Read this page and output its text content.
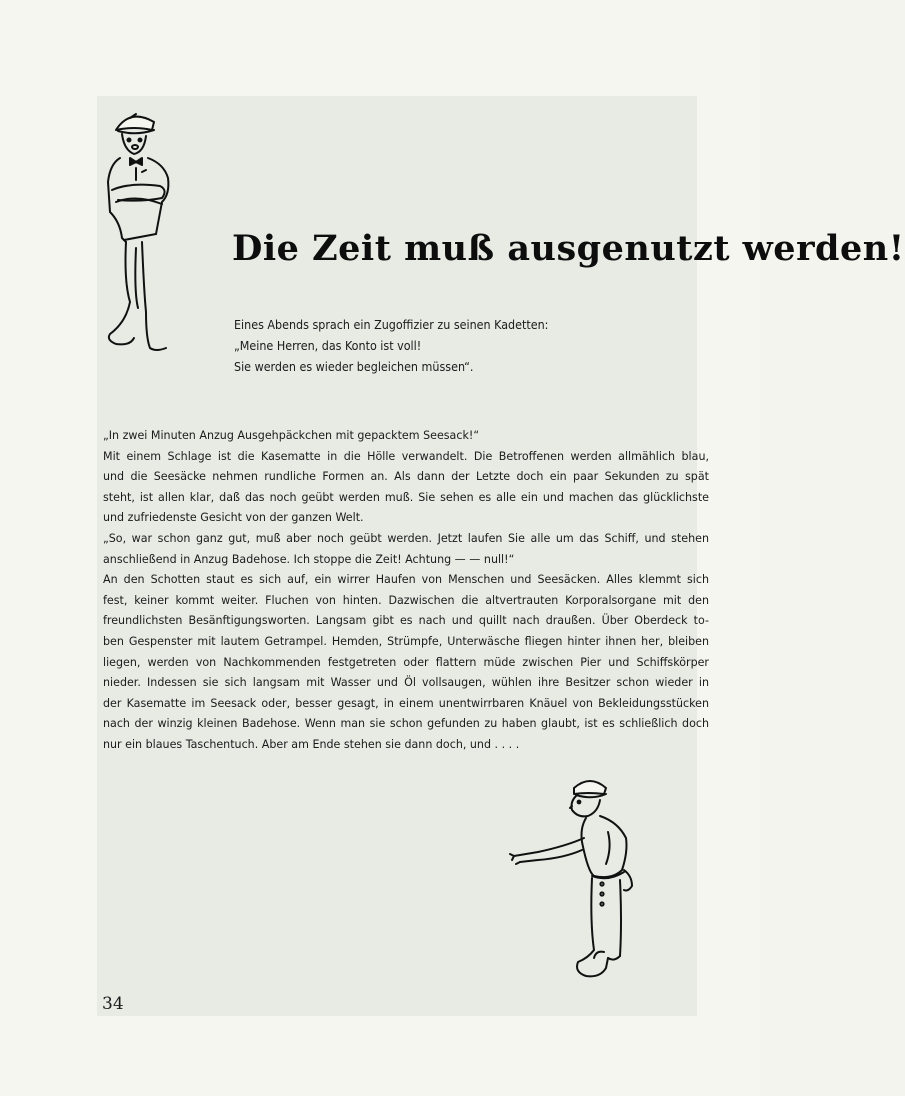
Die Zeit muß ausgenutzt werden!
Eines Abends sprach ein Zugoffizier zu seinen Kadetten:
„Meine Herren, das Konto ist voll!
Sie werden es wieder begleichen müssen“.
„In zwei Minuten Anzug Ausgehpäckchen mit gepacktem Seesack!“
Mit einem Schlage ist die Kasematte in die Hölle verwandelt. Die Betroffenen werden allmählich blau,
und die Seesäcke nehmen rundliche Formen an. Als dann der Letzte doch ein paar Sekunden zu spät
steht, ist allen klar, daß das noch geübt werden muß. Sie sehen es alle ein und machen das glücklichste
und zufriedenste Gesicht von der ganzen Welt.
„So, war schon ganz gut, muß aber noch geübt werden. Jetzt laufen Sie alle um das Schiff, und stehen
anschließend in Anzug Badehose. Ich stoppe die Zeit! Achtung — — null!“
An den Schotten staut es sich auf, ein wirrer Haufen von Menschen und Seesäcken. Alles klemmt sich
fest, keiner kommt weiter. Fluchen von hinten. Dazwischen die altvertrauten Korporalsorgane mit den
freundlichsten Besänftigungsworten. Langsam gibt es nach und quillt nach draußen. Über Oberdeck to-
ben Gespenster mit lautem Getrampel. Hemden, Strümpfe, Unterwäsche fliegen hinter ihnen her, bleiben
liegen, werden von Nachkommenden festgetreten oder flattern müde zwischen Pier und Schiffskörper
nieder. Indessen sie sich langsam mit Wasser und Öl vollsaugen, wühlen ihre Besitzer schon wieder in
der Kasematte im Seesack oder, besser gesagt, in einem unentwirrbaren Knäuel von Bekleidungsstücken
nach der winzig kleinen Badehose. Wenn man sie schon gefunden zu haben glaubt, ist es schließlich doch
nur ein blaues Taschentuch. Aber am Ende stehen sie dann doch, und . . . .
34
